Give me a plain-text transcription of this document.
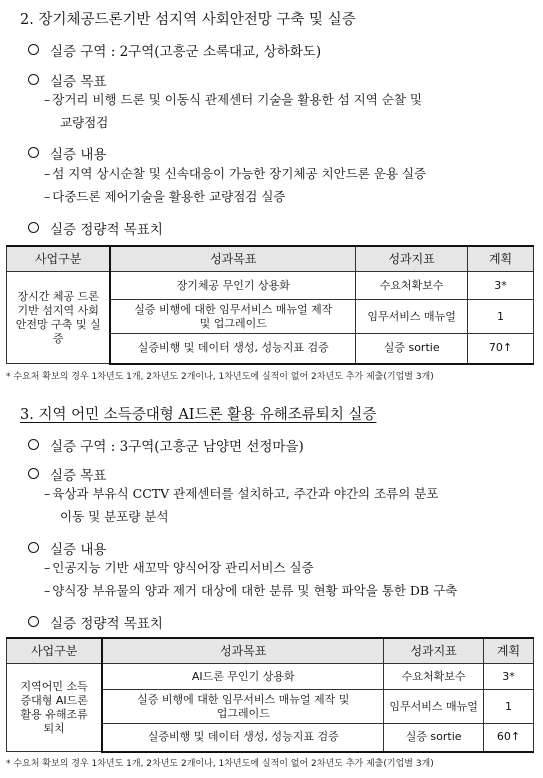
2. 장기체공드론기반 섬지역 사회안전망 구축 및 실증
실증 구역 : 2구역(고흥군 소록대교, 상하화도)
실증 목표
– 장거리 비행 드론 및 이동식 관제센터 기술을 활용한 섬 지역 순찰 및
교량점검
실증 내용
– 섬 지역 상시순찰 및 신속대응이 가능한 장기체공 치안드론 운용 실증
– 다중드론 제어기술을 활용한 교량점검 실증
실증 정량적 목표치
사업구분	성과목표	성과지표	계획
장시간 체공 드론기반 섬지역 사회안전망 구축 및 실증	장기체공 무인기 상용화	수요처확보수	3*
	실증 비행에 대한 임무서비스 매뉴얼 제작 및 업그레이드	임무서비스 매뉴얼	1
	실증비행 및 데이터 생성, 성능지표 검증	실증 sortie	70↑
* 수요처 확보의 경우 1차년도 1개, 2차년도 2개이나, 1차년도에 실적이 없어 2차년도 추가 제출(기업별 3개)
3. 지역 어민 소득증대형 AI드론 활용 유해조류퇴치 실증
실증 구역 : 3구역(고흥군 남양면 선정마을)
실증 목표
– 육상과 부유식 CCTV 관제센터를 설치하고, 주간과 야간의 조류의 분포
이동 및 분포량 분석
실증 내용
– 인공지능 기반 새꼬막 양식어장 관리서비스 실증
– 양식장 부유물의 양과 제거 대상에 대한 분류 및 현황 파악을 통한 DB 구축
실증 정량적 목표치
사업구분	성과목표	성과지표	계획
지역어민 소득증대형 AI드론활용 유해조류퇴치	AI드론 무인기 상용화	수요처확보수	3*
	실증 비행에 대한 임무서비스 매뉴얼 제작 및 업그레이드	임무서비스 매뉴얼	1
	실증비행 및 데이터 생성, 성능지표 검증	실증 sortie	60↑
* 수요처 확보의 경우 1차년도 1개, 2차년도 2개이나, 1차년도에 실적이 없어 2차년도 추가 제출(기업별 3개)
